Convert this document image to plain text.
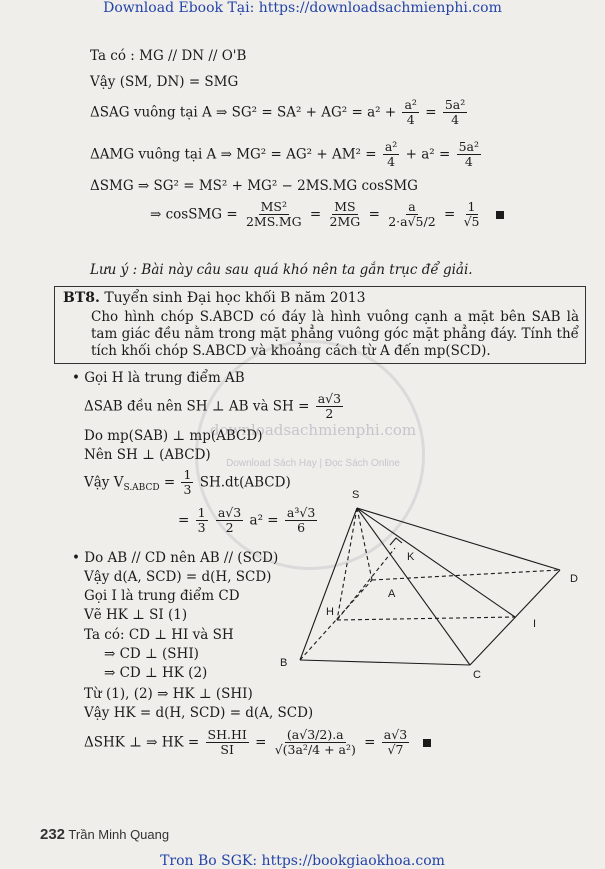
Download Ebook Tại: https://downloadsachmienphi.com
downloadsachmienphi.com
Download Sách Hay | Đọc Sách Online
Ta có : MG // DN // O'B
Vậy (SM, DN) = SMG
ΔSAG vuông tại A ⇒ $SG^2 = SA^2 + AG^2 = a^2 + \frac{\text{a²}}{4} = \frac{\text{5a²}}{4}$
ΔAMG vuông tại A ⇒ $MG^2 = AG^2 + AM^2 = \frac{\text{a²}}{4} + a^2 = \frac{\text{5a²}}{4}$
ΔSMG ⇒ SG² = MS² + MG² − 2MS.MG cosSMG
⇒ cosSMG = $\frac{\text{MS²}}{2MS.MG} = \frac{MS}{2MG} = \frac{a}{2\cdot a√5/2} = \frac{1}{√5}$

Lưu ý : Bài này câu sau quá khó nên ta gắn trục để giải.
BT8. Tuyển sinh Đại học khối B năm 2013
Cho hình chóp S.ABCD có đáy là hình vuông cạnh a mặt bên SAB là tam giác đều nằm trong mặt phẳng vuông góc mặt phẳng đáy. Tính thể tích khối chóp S.ABCD và khoảng cách từ A đến mp(SCD).
• Gọi H là trung điểm AB
ΔSAB đều nên SH ⊥ AB và SH = $\frac{a√3}{2}$
Do mp(SAB) ⊥ mp(ABCD)
Nên SH ⊥ (ABCD)
Vậy $V_{S.ABCD} = \frac{1}{3}$ SH.dt(ABCD)
= $\frac{1}{3}$
$\frac{a√3}{2} a^2 = \frac{\text{a³√3}}{6}$
• Do AB // CD nên AB // (SCD)
Vậy d(A, SCD) = d(H, SCD)
Gọi I là trung điểm CD
Vẽ HK ⊥ SI (1)
Ta có: CD ⊥ HI và SH
⇒ CD ⊥ (SHI)
⇒ CD ⊥ HK (2)
Từ (1), (2) ⇒ HK ⊥ (SHI)
Vậy HK = d(H, SCD) = d(A, SCD)
ΔSHK ⊥ ⇒ HK = $\frac{SH.HI}{SI} = \frac{(a√3/2).a}{\text{√(3a²/4 + a²)}} = \frac{a√3}{√7}$

S
K
H
A
D
I
B
C
232 Trần Minh Quang
Tron Bo SGK: https://bookgiaokhoa.com
